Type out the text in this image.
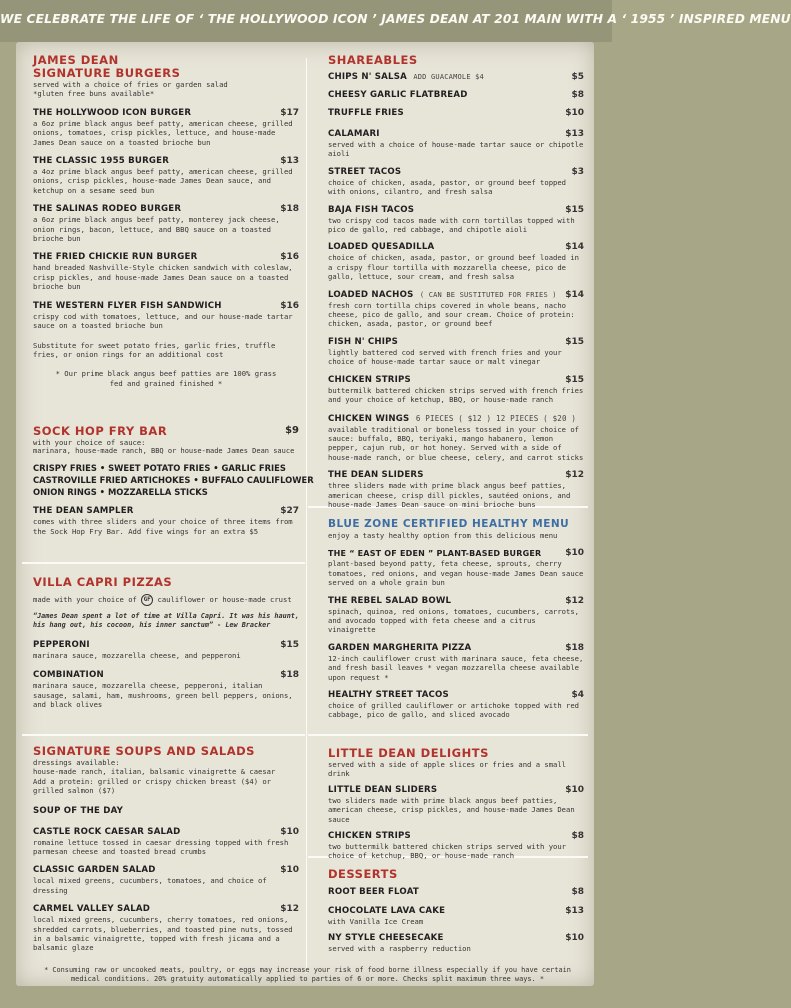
WE CELEBRATE THE LIFE OF ‘ THE HOLLYWOOD ICON ’ JAMES DEAN AT 201 MAIN WITH A ‘ 1955 ’ INSPIRED MENU
JAMES DEAN
SIGNATURE BURGERS
served with a choice of fries or garden salad
*gluten free buns available*
THE HOLLYWOOD ICON BURGER	$17
a 6oz prime black angus beef patty, american cheese, grilled onions, tomatoes, crisp pickles, lettuce, and house-made James Dean sauce on a toasted brioche bun
THE CLASSIC 1955 BURGER	$13
a 4oz prime black angus beef patty, american cheese, grilled onions, crisp pickles, house-made James Dean sauce, and ketchup on a sesame seed bun
THE SALINAS RODEO BURGER	$18
a 6oz prime black angus beef patty, monterey jack cheese, onion rings, bacon, lettuce, and BBQ sauce on a toasted brioche bun
THE FRIED CHICKIE RUN BURGER	$16
hand breaded Nashville-Style chicken sandwich with coleslaw, crisp pickles, and house-made James Dean sauce on a toasted brioche bun
THE WESTERN FLYER FISH SANDWICH	$16
crispy cod with tomatoes, lettuce, and our house-made tartar sauce on a toasted brioche bun
Substitute for sweet potato fries, garlic fries, truffle fries, or onion rings for an additional cost
* Our prime black angus beef patties are 100% grass fed and grained finished *
SOCK HOP FRY BAR	$9
with your choice of sauce:
marinara, house-made ranch, BBQ or house-made James Dean sauce
CRISPY FRIES • SWEET POTATO FRIES • GARLIC FRIES
CASTROVILLE FRIED ARTICHOKES • BUFFALO CAULIFLOWER
ONION RINGS • MOZZARELLA STICKS
THE DEAN SAMPLER	$27
comes with three sliders and your choice of three items from the Sock Hop Fry Bar. Add five wings for an extra $5
VILLA CAPRI PIZZAS
made with your choice of GF cauliflower or house-made crust
“James Dean spent a lot of time at Villa Capri. It was his haunt, his hang out, his cocoon, his inner sanctum” - Lew Bracker
PEPPERONI	$15
marinara sauce, mozzarella cheese, and pepperoni
COMBINATION	$18
marinara sauce, mozzarella cheese, pepperoni, italian sausage, salami, ham, mushrooms, green bell peppers, onions, and black olives
SIGNATURE SOUPS AND SALADS
dressings available:
house-made ranch, italian, balsamic vinaigrette & caesar
Add a protein: grilled or crispy chicken breast ($4) or grilled salmon ($7)
SOUP OF THE DAY
CASTLE ROCK CAESAR SALAD	$10
romaine lettuce tossed in caesar dressing topped with fresh parmesan cheese and toasted bread crumbs
CLASSIC GARDEN SALAD	$10
local mixed greens, cucumbers, tomatoes, and choice of dressing
CARMEL VALLEY SALAD	$12
local mixed greens, cucumbers, cherry tomatoes, red onions, shredded carrots, blueberries, and toasted pine nuts, tossed in a balsamic vinaigrette, topped with fresh jicama and a balsamic glaze
SHAREABLES
CHIPS N' SALSA ADD GUACAMOLE $4	$5
CHEESY GARLIC FLATBREAD	$8
TRUFFLE FRIES	$10
CALAMARI	$13
served with a choice of house-made tartar sauce or chipotle aioli
STREET TACOS	$3
choice of chicken, asada, pastor, or ground beef topped with onions, cilantro, and fresh salsa
BAJA FISH TACOS	$15
two crispy cod tacos made with corn tortillas topped with pico de gallo, red cabbage, and chipotle aioli
LOADED QUESADILLA	$14
choice of chicken, asada, pastor, or ground beef loaded in a crispy flour tortilla with mozzarella cheese, pico de gallo, lettuce, sour cream, and fresh salsa
LOADED NACHOS ( CAN BE SUSTITUTED FOR FRIES ) $14
fresh corn tortilla chips covered in whole beans, nacho cheese, pico de gallo, and sour cream. Choice of protein: chicken, asada, pastor, or ground beef
FISH N' CHIPS	$15
lightly battered cod served with french fries and your choice of house-made tartar sauce or malt vinegar
CHICKEN STRIPS	$15
buttermilk battered chicken strips served with french fries and your choice of ketchup, BBQ, or house-made ranch
CHICKEN WINGS 6 PIECES ( $12 ) 12 PIECES ( $20 )
available traditional or boneless tossed in your choice of sauce: buffalo, BBQ, teriyaki, mango habanero, lemon pepper, cajun rub, or hot honey. Served with a side of house-made ranch, or blue cheese, celery, and carrot sticks
THE DEAN SLIDERS	$12
three sliders made with prime black angus beef patties, american cheese, crisp dill pickles, sautéed onions, and house-made James Dean sauce on mini brioche buns
BLUE ZONE CERTIFIED HEALTHY MENU
enjoy a tasty healthy option from this delicious menu
THE “ EAST OF EDEN ” PLANT-BASED BURGER	$10
plant-based beyond patty, feta cheese, sprouts, cherry tomatoes, red onions, and vegan house-made James Dean sauce served on a whole grain bun
THE REBEL SALAD BOWL	$12
spinach, quinoa, red onions, tomatoes, cucumbers, carrots, and avocado topped with feta cheese and a citrus vinaigrette
GARDEN MARGHERITA PIZZA	$18
12-inch cauliflower crust with marinara sauce, feta cheese, and fresh basil leaves * vegan mozzarella cheese available upon request *
HEALTHY STREET TACOS	$4
choice of grilled cauliflower or artichoke topped with red cabbage, pico de gallo, and sliced avocado
LITTLE DEAN DELIGHTS
served with a side of apple slices or fries and a small drink
LITTLE DEAN SLIDERS	$10
two sliders made with prime black angus beef patties, american cheese, crisp pickles, and house-made James Dean sauce
CHICKEN STRIPS	$8
two buttermilk battered chicken strips served with your choice of ketchup, BBQ, or house-made ranch
DESSERTS
ROOT BEER FLOAT	$8
CHOCOLATE LAVA CAKE	$13
with Vanilla Ice Cream
NY STYLE CHEESECAKE	$10
served with a raspberry reduction
* Consuming raw or uncooked meats, poultry, or eggs may increase your risk of food borne illness especially if you have certain medical conditions. 20% gratuity automatically applied to parties of 6 or more. Checks split maximum three ways. *
